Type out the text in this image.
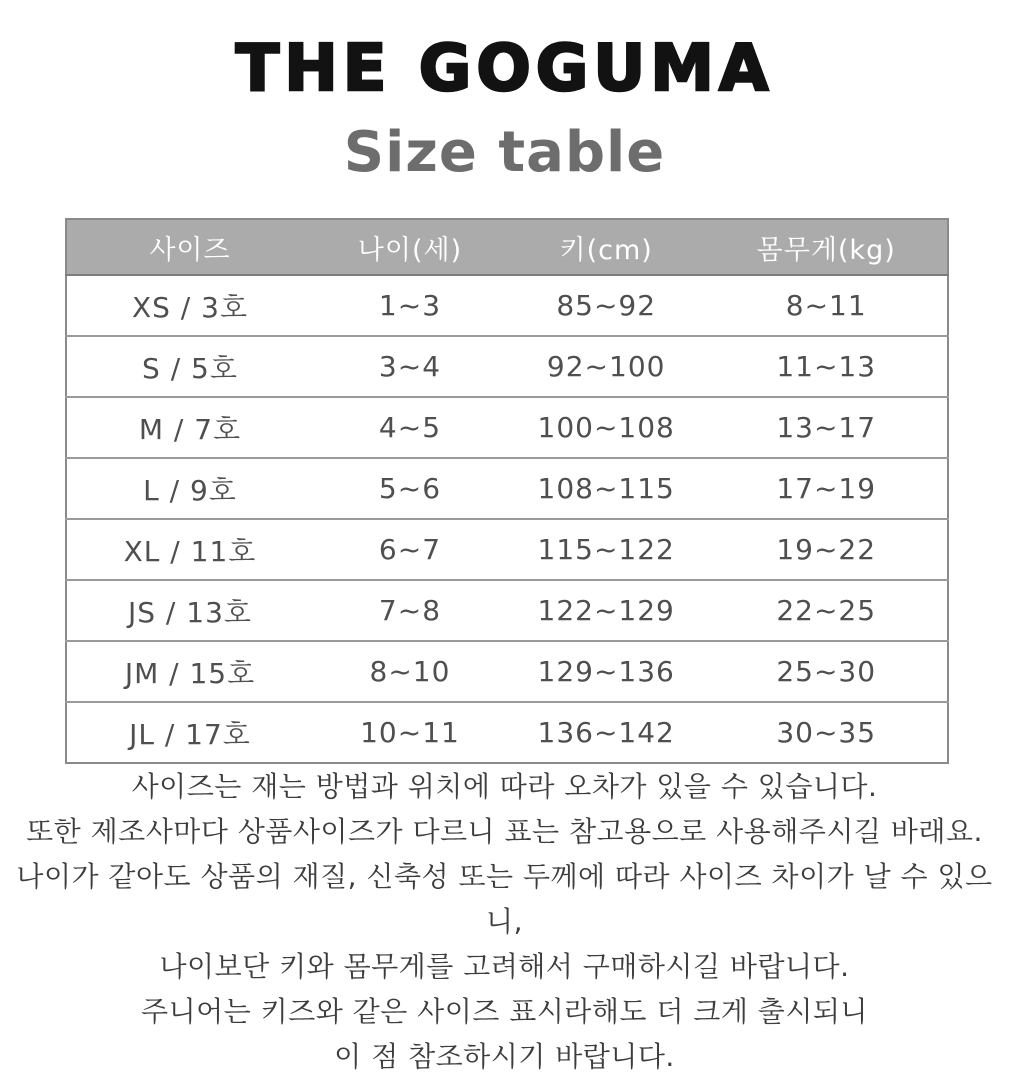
THE GOGUMA
Size table
사이즈	나이(세)	키(cm)	몸무게(kg)
XS / 3호	1~3	85~92	8~11
S / 5호	3~4	92~100	11~13
M / 7호	4~5	100~108	13~17
L / 9호	5~6	108~115	17~19
XL / 11호	6~7	115~122	19~22
JS / 13호	7~8	122~129	22~25
JM / 15호	8~10	129~136	25~30
JL / 17호	10~11	136~142	30~35

사이즈는 재는 방법과 위치에 따라 오차가 있을 수 있습니다.

또한 제조사마다 상품사이즈가 다르니 표는 참고용으로 사용해주시길 바래요.

나이가 같아도 상품의 재질, 신축성 또는 두께에 따라 사이즈 차이가 날 수 있으니,

나이보단 키와 몸무게를 고려해서 구매하시길 바랍니다.

주니어는 키즈와 같은 사이즈 표시라해도 더 크게 출시되니

이 점 참조하시기 바랍니다.
